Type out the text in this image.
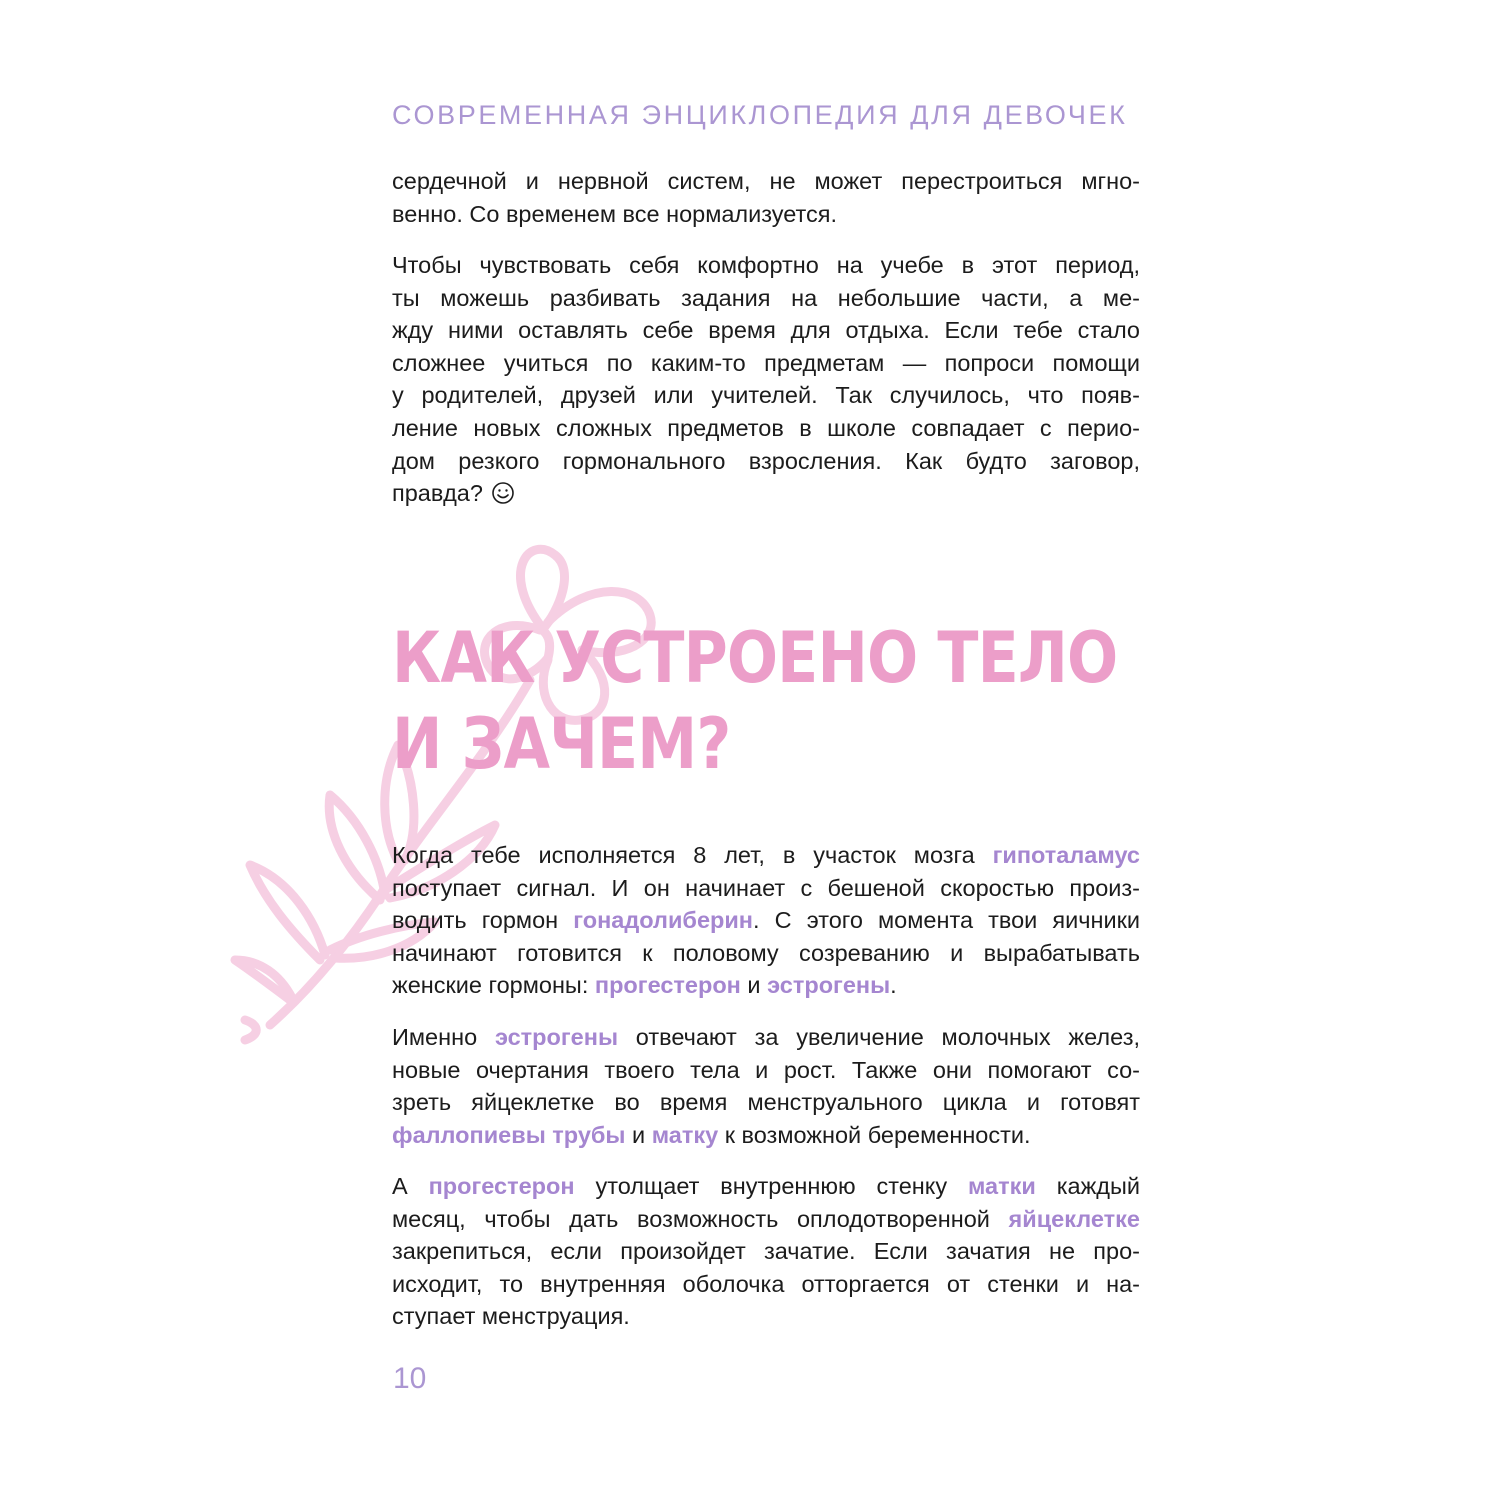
СОВРЕМЕННАЯ ЭНЦИКЛОПЕДИЯ ДЛЯ ДЕВОЧЕК
сердечной и нервной систем, не может перестроиться мгно-
венно. Со временем все нормализуется.
Чтобы чувствовать себя комфортно на учебе в этот период,
ты можешь разбивать задания на небольшие части, а ме-
жду ними оставлять себе время для отдыха. Если тебе стало
сложнее учиться по каким-то предметам — попроси помощи
у родителей, друзей или учителей. Так случилось, что появ-
ление новых сложных предметов в школе совпадает с перио-
дом резкого гормонального взросления. Как будто заговор,
правда?
КАК УСТРОЕНО ТЕЛО
И ЗАЧЕМ?
Когда тебе исполняется 8 лет, в участок мозга гипоталамус
поступает сигнал. И он начинает с бешеной скоростью произ-
водить гормон гонадолиберин. С этого момента твои яичники
начинают готовится к половому созреванию и вырабатывать
женские гормоны: прогестерон и эстрогены.
Именно эстрогены отвечают за увеличение молочных желез,
новые очертания твоего тела и рост. Также они помогают со-
зреть яйцеклетке во время менструального цикла и готовят
фаллопиевы трубы и матку к возможной беременности.
А прогестерон утолщает внутреннюю стенку матки каждый
месяц, чтобы дать возможность оплодотворенной яйцеклетке
закрепиться, если произойдет зачатие. Если зачатия не про-
исходит, то внутренняя оболочка отторгается от стенки и на-
ступает менструация.
10
